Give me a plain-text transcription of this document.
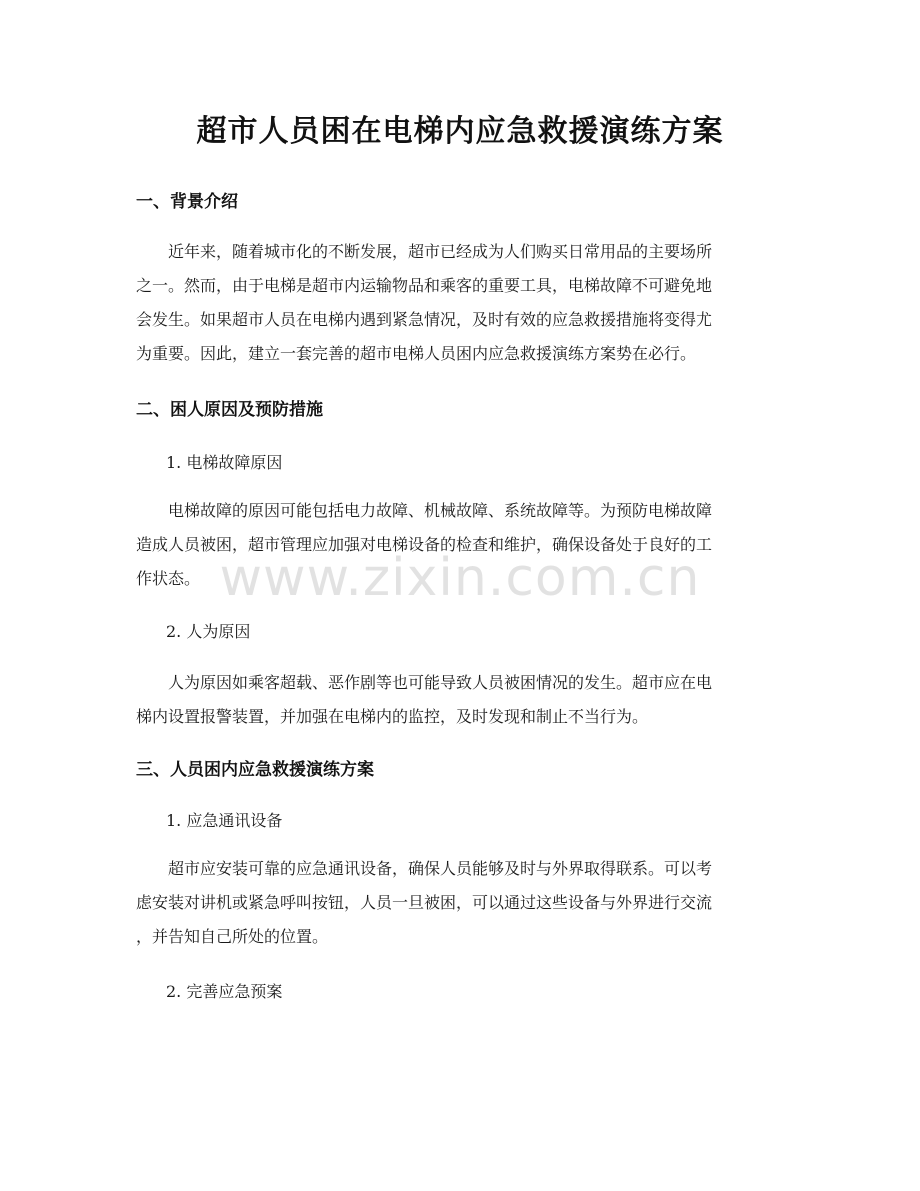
超市人员困在电梯内应急救援演练方案
一、背景介绍
近年来，随着城市化的不断发展，超市已经成为人们购买日常用品的主要场所
之一。然而，由于电梯是超市内运输物品和乘客的重要工具，电梯故障不可避免地
会发生。如果超市人员在电梯内遇到紧急情况，及时有效的应急救援措施将变得尤
为重要。因此，建立一套完善的超市电梯人员困内应急救援演练方案势在必行。
二、困人原因及预防措施
1. 电梯故障原因
电梯故障的原因可能包括电力故障、机械故障、系统故障等。为预防电梯故障
造成人员被困，超市管理应加强对电梯设备的检查和维护，确保设备处于良好的工
作状态。
2. 人为原因
人为原因如乘客超载、恶作剧等也可能导致人员被困情况的发生。超市应在电
梯内设置报警装置，并加强在电梯内的监控，及时发现和制止不当行为。
三、人员困内应急救援演练方案
1. 应急通讯设备
超市应安装可靠的应急通讯设备，确保人员能够及时与外界取得联系。可以考
虑安装对讲机或紧急呼叫按钮，人员一旦被困，可以通过这些设备与外界进行交流
，并告知自己所处的位置。
2. 完善应急预案
www.zixin.com.cn
